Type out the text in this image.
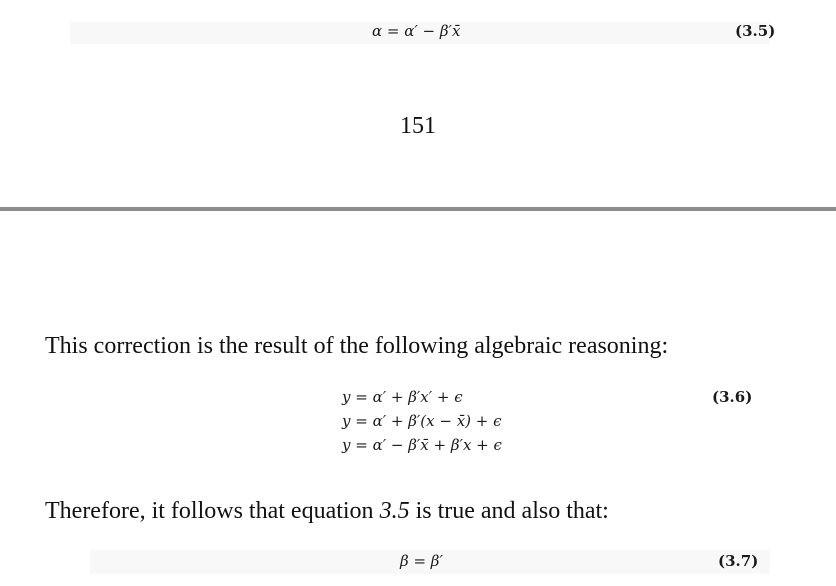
α = α′ − β′x̄	(3.5)
151
This correction is the result of the following algebraic reasoning:
y = α′ + β′x′ + ϵ
y = α′ + β′(x − x̄) + ϵ
y = α′ − β′x̄ + β′x + ϵ
(3.6)
Therefore, it follows that equation 3.5 is true and also that:
β = β′	(3.7)
